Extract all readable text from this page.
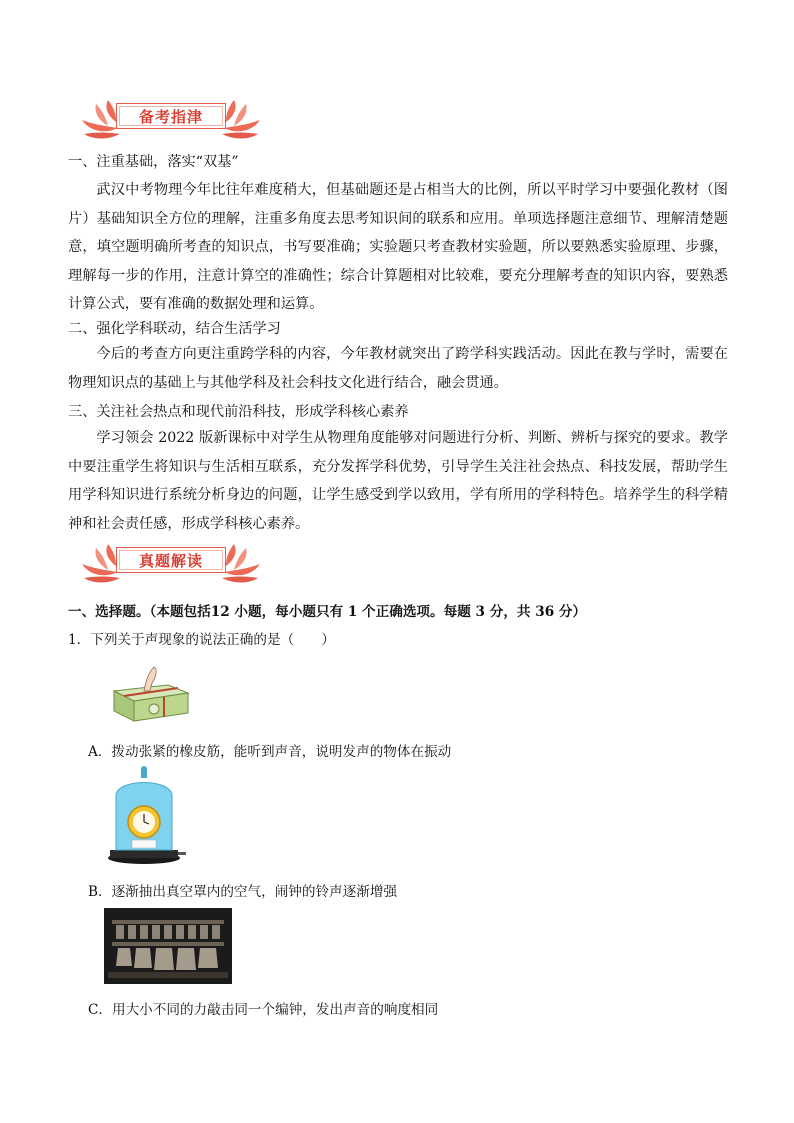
备考指津
一、注重基础，落实“双基”

武汉中考物理今年比往年难度稍大，但基础题还是占相当大的比例，所以平时学习中要强化教材（图片）基础知识全方位的理解，注重多角度去思考知识间的联系和应用。单项选择题注意细节、理解清楚题意，填空题明确所考查的知识点，书写要准确；实验题只考查教材实验题，所以要熟悉实验原理、步骤，理解每一步的作用，注意计算空的准确性；综合计算题相对比较难，要充分理解考查的知识内容，要熟悉计算公式，要有准确的数据处理和运算。

二、强化学科联动，结合生活学习

今后的考查方向更注重跨学科的内容，今年教材就突出了跨学科实践活动。因此在教与学时，需要在物理知识点的基础上与其他学科及社会科技文化进行结合，融会贯通。

三、关注社会热点和现代前沿科技，形成学科核心素养

学习领会 2022 版新课标中对学生从物理角度能够对问题进行分析、判断、辨析与探究的要求。教学中要注重学生将知识与生活相互联系，充分发挥学科优势，引导学生关注社会热点、科技发展，帮助学生用学科知识进行系统分析身边的问题，让学生感受到学以致用，学有所用的学科特色。培养学生的科学精神和社会责任感，形成学科核心素养。

真题解读
一、选择题。（本题包括12 小题，每小题只有 1 个正确选项。每题 3 分，共 36 分）
1．下列关于声现象的说法正确的是（　　）
A．拨动张紧的橡皮筋，能听到声音，说明发声的物体在振动
B．逐渐抽出真空罩内的空气，闹钟的铃声逐渐增强
C．用大小不同的力敲击同一个编钟，发出声音的响度相同
